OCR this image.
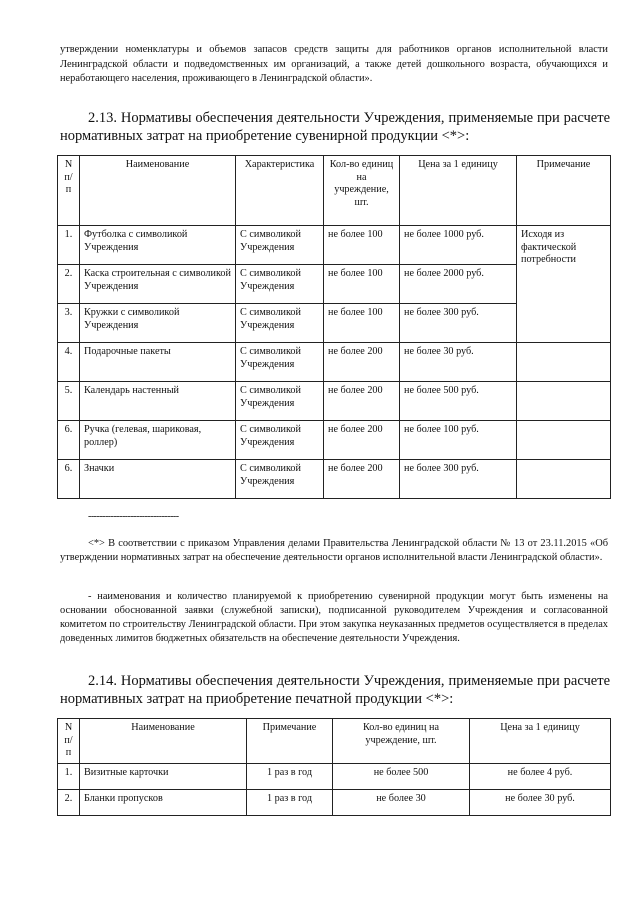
утверждении номенклатуры и объемов запасов средств защиты для работников органов исполнительной власти Ленинградской области и подведомственных им организаций, а также детей дошкольного возраста, обучающихся и неработающего населения, проживающего в Ленинградской области».

2.13. Нормативы обеспечения деятельности Учреждения, применяемые при расчете нормативных затрат на приобретение сувенирной продукции <*>:

N п/п	Наименование	Характеристика	Кол-во единиц на учреждение, шт.	Цена за 1 единицу	Примечание
1.	Футболка с символикой Учреждения	С символикой Учреждения	не более 100	не более 1000 руб.	Исходя из фактической потребности
2.	Каска строительная с символикой Учреждения	С символикой Учреждения	не более 100	не более 2000 руб.	
3.	Кружки с символикой Учреждения	С символикой Учреждения	не более 100	не более 300 руб.	
4.	Подарочные пакеты	С символикой Учреждения	не более 200	не более 30 руб.	
5.	Календарь настенный	С символикой Учреждения	не более 200	не более 500 руб.	
6.	Ручка (гелевая, шариковая, роллер)	С символикой Учреждения	не более 200	не более 100 руб.	
6.	Значки	С символикой Учреждения	не более 200	не более 300 руб.	
--------------------------------

<*> В соответствии с приказом Управления делами Правительства Ленинградской области № 13 от 23.11.2015 «Об утверждении нормативных затрат на обеспечение деятельности органов исполнительной власти Ленинградской области».

- наименования и количество планируемой к приобретению сувенирной продукции могут быть изменены на основании обоснованной заявки (служебной записки), подписанной руководителем Учреждения и согласованной комитетом по строительству Ленинградской области. При этом закупка неуказанных предметов осуществляется в пределах доведенных лимитов бюджетных обязательств на обеспечение деятельности Учреждения.

2.14. Нормативы обеспечения деятельности Учреждения, применяемые при расчете нормативных затрат на приобретение печатной продукции <*>:

N п/п	Наименование	Примечание	Кол-во единиц на учреждение, шт.	Цена за 1 единицу
1.	Визитные карточки	1 раз в год	не более 500	не более 4 руб.
2.	Бланки пропусков	1 раз в год	не более 30	не более 30 руб.
